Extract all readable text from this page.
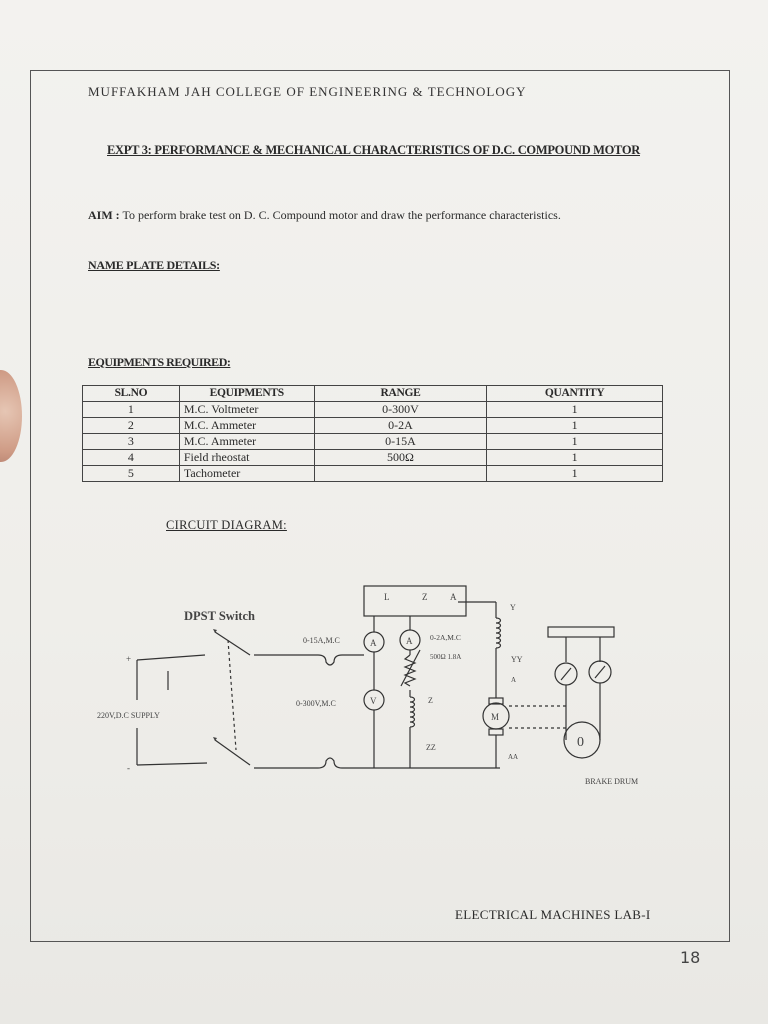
MUFFAKHAM JAH COLLEGE OF ENGINEERING & TECHNOLOGY
EXPT 3: PERFORMANCE & MECHANICAL CHARACTERISTICS OF D.C. COMPOUND MOTOR
AIM : To perform brake test on D. C. Compound motor and draw the performance characteristics.
NAME PLATE DETAILS:
EQUIPMENTS REQUIRED:
SL.NO	EQUIPMENTS	RANGE	QUANTITY
1	M.C. Voltmeter	0-300V	1
2	M.C. Ammeter	0-2A	1
3	M.C. Ammeter	0-15A	1
4	Field rheostat	500Ω	1
5	Tachometer		1
CIRCUIT DIAGRAM:
DPST Switch
220V,D.C SUPPLY
+
-
L	Z	A
0-15A,M.C	0-2A,M.C
500Ω 1.8A
0-300V,M.C
A	A
V
M
0
Y
YY
A
AA
Z
ZZ
BRAKE DRUM
ELECTRICAL MACHINES LAB-I
18
